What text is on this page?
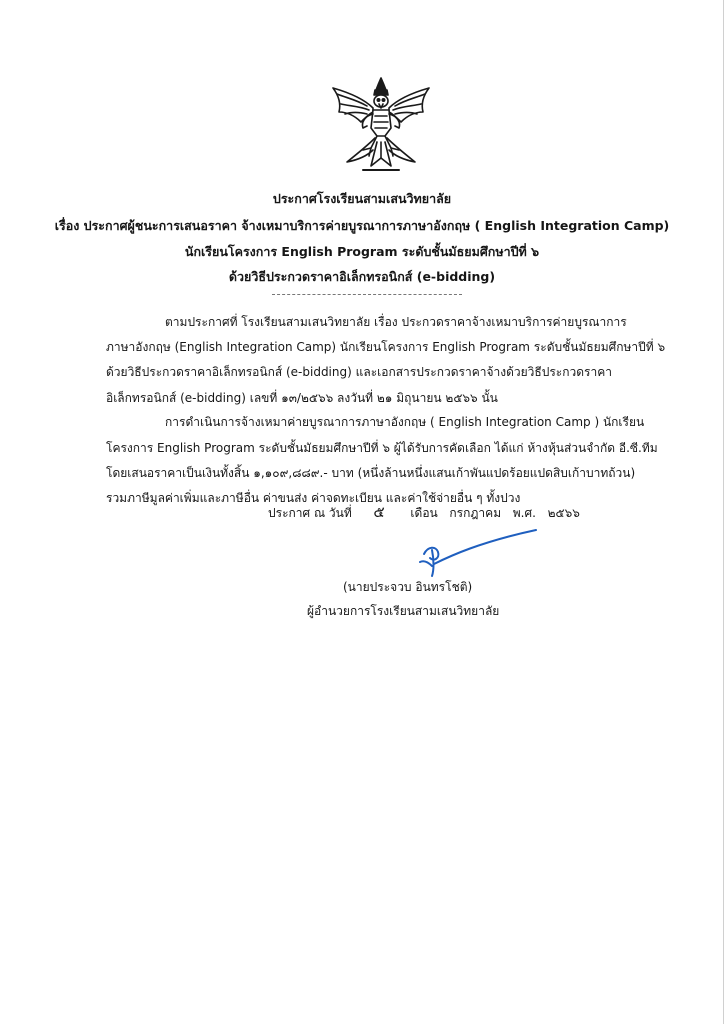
ประกาศโรงเรียนสามเสนวิทยาลัย
เรื่อง ประกาศผู้ชนะการเสนอราคา จ้างเหมาบริการค่ายบูรณาการภาษาอังกฤษ ( English Integration Camp)
นักเรียนโครงการ English Program ระดับชั้นมัธยมศึกษาปีที่ ๖
ด้วยวิธีประกวดราคาอิเล็กทรอนิกส์ (e-bidding)
ตามประกาศที่ โรงเรียนสามเสนวิทยาลัย เรื่อง ประกวดราคาจ้างเหมาบริการค่ายบูรณาการ
ภาษาอังกฤษ (English Integration Camp) นักเรียนโครงการ English Program ระดับชั้นมัธยมศึกษาปีที่ ๖
ด้วยวิธีประกวดราคาอิเล็กทรอนิกส์ (e-bidding) และเอกสารประกวดราคาจ้างด้วยวิธีประกวดราคา
อิเล็กทรอนิกส์ (e-bidding) เลขที่ ๑๓/๒๕๖๖ ลงวันที่ ๒๑ มิถุนายน ๒๕๖๖ นั้น
การดำเนินการจ้างเหมาค่ายบูรณาการภาษาอังกฤษ ( English Integration Camp ) นักเรียน
โครงการ English Program ระดับชั้นมัธยมศึกษาปีที่ ๖ ผู้ได้รับการคัดเลือก ได้แก่ ห้างหุ้นส่วนจำกัด อี.ซี.ทีม
โดยเสนอราคาเป็นเงินทั้งสิ้น ๑,๑๐๙,๘๘๙.- บาท (หนึ่งล้านหนึ่งแสนเก้าพันแปดร้อยแปดสิบเก้าบาทถ้วน)
รวมภาษีมูลค่าเพิ่มและภาษีอื่น ค่าขนส่ง ค่าจดทะเบียน และค่าใช้จ่ายอื่น ๆ ทั้งปวง
ประกาศ ณ วันที่ ๕ เดือน กรกฎาคม พ.ศ. ๒๕๖๖
(นายประจวบ อินทรโชติ)
ผู้อำนวยการโรงเรียนสามเสนวิทยาลัย
